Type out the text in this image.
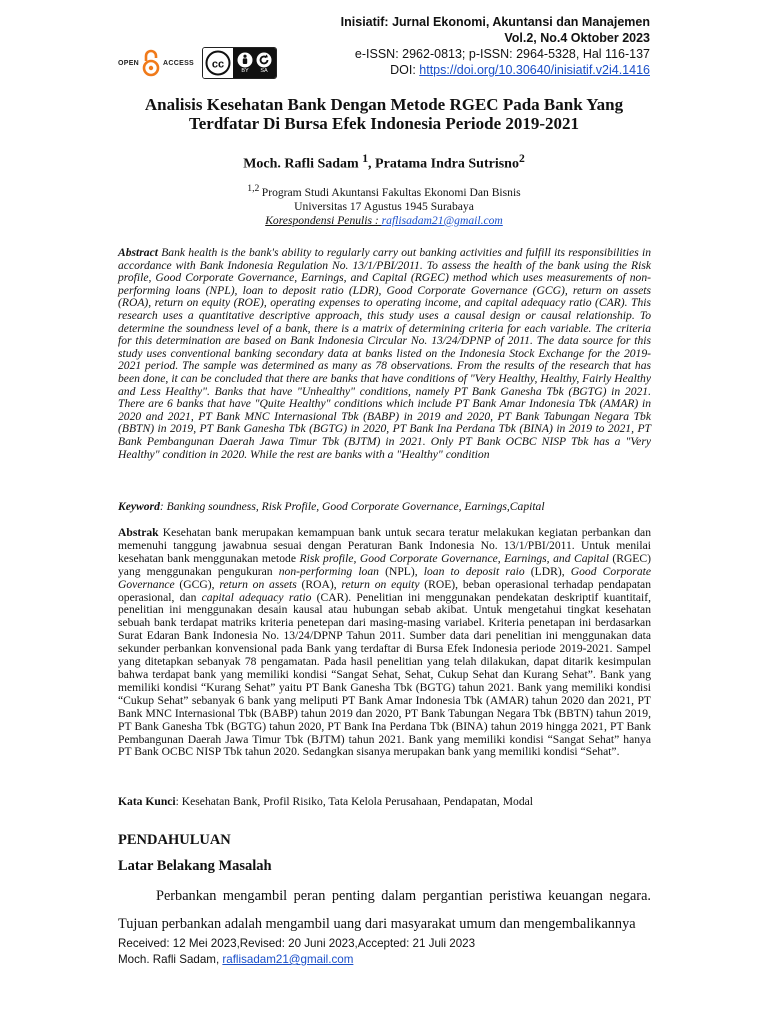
Inisiatif: Jurnal Ekonomi, Akuntansi dan Manajemen
Vol.2, No.4 Oktober 2023
e-ISSN: 2962-0813; p-ISSN: 2964-5328, Hal 116-137
DOI: https://doi.org/10.30640/inisiatif.v2i4.1416
OPEN	ACCESS cc
BY SA
Analisis Kesehatan Bank Dengan Metode RGEC Pada Bank Yang
Terdfatar Di Bursa Efek Indonesia Periode 2019-2021
Moch. Rafli Sadam $^1$, Pratama Indra Sutrisno$^2$
$^{1,2}$ Program Studi Akuntansi Fakultas Ekonomi Dan Bisnis
Universitas 17 Agustus 1945 Surabaya
Korespondensi Penulis : raflisadam21@gmail.com
Abstract Bank health is the bank's ability to regularly carry out banking activities and fulfill its responsibilities in accordance with Bank Indonesia Regulation No. 13/1/PBI/2011. To assess the health of the bank using the Risk profile, Good Corporate Governance, Earnings, and Capital (RGEC) method which uses measurements of non-performing loans (NPL), loan to deposit ratio (LDR), Good Corporate Governance (GCG), return on assets (ROA), return on equity (ROE), operating expenses to operating income, and capital adequacy ratio (CAR). This research uses a quantitative descriptive approach, this study uses a causal design or causal relationship. To determine the soundness level of a bank, there is a matrix of determining criteria for each variable. The criteria for this determination are based on Bank Indonesia Circular No. 13/24/DPNP of 2011. The data source for this study uses conventional banking secondary data at banks listed on the Indonesia Stock Exchange for the 2019-2021 period. The sample was determined as many as 78 observations. From the results of the research that has been done, it can be concluded that there are banks that have conditions of "Very Healthy, Healthy, Fairly Healthy and Less Healthy". Banks that have "Unhealthy" conditions, namely PT Bank Ganesha Tbk (BGTG) in 2021. There are 6 banks that have "Quite Healthy" conditions which include PT Bank Amar Indonesia Tbk (AMAR) in 2020 and 2021, PT Bank MNC Internasional Tbk (BABP) in 2019 and 2020, PT Bank Tabungan Negara Tbk (BBTN) in 2019, PT Bank Ganesha Tbk (BGTG) in 2020, PT Bank Ina Perdana Tbk (BINA) in 2019 to 2021, PT Bank Pembangunan Daerah Jawa Timur Tbk (BJTM) in 2021. Only PT Bank OCBC NISP Tbk has a "Very Healthy" condition in 2020. While the rest are banks with a "Healthy" condition
Keyword: Banking soundness, Risk Profile, Good Corporate Governance, Earnings,Capital
Abstrak Kesehatan bank merupakan kemampuan bank untuk secara teratur melakukan kegiatan perbankan dan memenuhi tanggung jawabnua sesuai dengan Peraturan Bank Indonesia No. 13/1/PBI/2011. Untuk menilai kesehatan bank menggunakan metode Risk profile, Good Corporate Governance, Earnings, and Capital (RGEC) yang menggunakan pengukuran non-performing loan (NPL), loan to deposit raio (LDR), Good Corporate Governance (GCG), return on assets (ROA), return on equity (ROE), beban operasional terhadap pendapatan operasional, dan capital adequacy ratio (CAR). Penelitian ini menggunakan pendekatan deskriptif kuantitaif, penelitian ini menggunakan desain kausal atau hubungan sebab akibat. Untuk mengetahui tingkat kesehatan sebuah bank terdapat matriks kriteria penetepan dari masing-masing variabel. Kriteria penetapan ini berdasarkan Surat Edaran Bank Indonesia No. 13/24/DPNP Tahun 2011. Sumber data dari penelitian ini menggunakan data sekunder perbankan konvensional pada Bank yang terdaftar di Bursa Efek Indonesia periode 2019-2021. Sampel yang ditetapkan sebanyak 78 pengamatan. Pada hasil penelitian yang telah dilakukan, dapat ditarik kesimpulan bahwa terdapat bank yang memiliki kondisi “Sangat Sehat, Sehat, Cukup Sehat dan Kurang Sehat”. Bank yang memiliki kondisi “Kurang Sehat” yaitu PT Bank Ganesha Tbk (BGTG) tahun 2021. Bank yang memiliki kondisi “Cukup Sehat” sebanyak 6 bank yang meliputi PT Bank Amar Indonesia Tbk (AMAR) tahun 2020 dan 2021, PT Bank MNC Internasional Tbk (BABP) tahun 2019 dan 2020, PT Bank Tabungan Negara Tbk (BBTN) tahun 2019, PT Bank Ganesha Tbk (BGTG) tahun 2020, PT Bank Ina Perdana Tbk (BINA) tahun 2019 hingga 2021, PT Bank Pembangunan Daerah Jawa Timur Tbk (BJTM) tahun 2021. Bank yang memiliki kondisi “Sangat Sehat” hanya PT Bank OCBC NISP Tbk tahun 2020. Sedangkan sisanya merupakan bank yang memiliki kondisi “Sehat”.
Kata Kunci: Kesehatan Bank, Profil Risiko, Tata Kelola Perusahaan, Pendapatan, Modal
PENDAHULUAN
Latar Belakang Masalah
Perbankan mengambil peran penting dalam pergantian peristiwa keuangan negara. Tujuan perbankan adalah mengambil uang dari masyarakat umum dan mengembalikannya
Received: 12 Mei 2023,Revised: 20 Juni 2023,Accepted: 21 Juli 2023
Moch. Rafli Sadam, raflisadam21@gmail.com
